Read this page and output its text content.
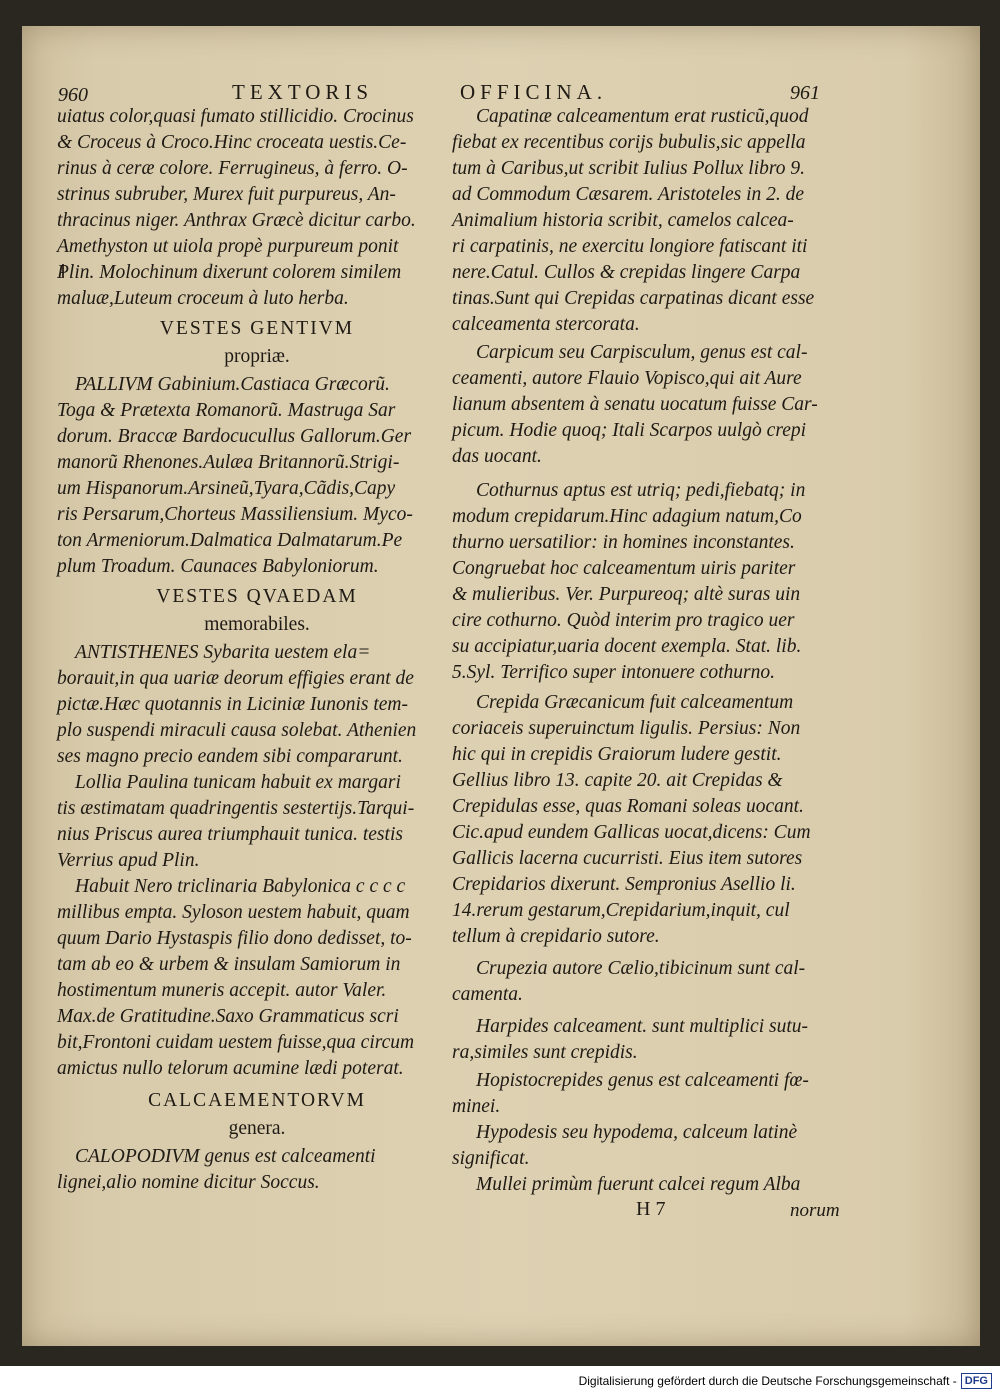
960	TEXTORIS	OFFICINA.	961
uiatus color,quasi fumato stillicidio. Crocinus
& Croceus à Croco.Hinc croceata uestis.Ce-
rinus à ceræ colore. Ferrugineus, à ferro. O-
strinus subruber, Murex fuit purpureus, An-
thracinus niger. Anthrax Græcè dicitur carbo.
Amethyston ut uiola propè purpureum ponit
Plin. Molochinum dixerunt colorem similem
maluæ,Luteum croceum à luto herba.
VESTES GENTIVM
propriæ.
PALLIVM Gabinium.Castiaca Græcorũ.
Toga & Prætexta Romanorũ. Mastruga Sar
dorum. Braccæ Bardocucullus Gallorum.Ger
manorũ Rhenones.Aulæa Britannorũ.Strigi-
um Hispanorum.Arsineũ,Tyara,Cãdis,Capy
ris Persarum,Chorteus Massiliensium. Myco-
ton Armeniorum.Dalmatica Dalmatarum.Pe
plum Troadum. Caunaces Babyloniorum.
VESTES QVAEDAM
memorabiles.
ANTISTHENES Sybarita uestem ela=
borauit,in qua uariæ deorum effigies erant de
pictæ.Hæc quotannis in Liciniæ Iunonis tem-
plo suspendi miraculi causa solebat. Athenien
ses magno precio eandem sibi compararunt.
Lollia Paulina tunicam habuit ex margari
tis æstimatam quadringentis sestertijs.Tarqui-
nius Priscus aurea triumphauit tunica. testis
Verrius apud Plin.
Habuit Nero triclinaria Babylonica c c c c
millibus empta. Syloson uestem habuit, quam
quum Dario Hystaspis filio dono dedisset, to-
tam ab eo & urbem & insulam Samiorum in
hostimentum muneris accepit. autor Valer.
Max.de Gratitudine.Saxo Grammaticus scri
bit,Frontoni cuidam uestem fuisse,qua circum
amictus nullo telorum acumine lædi poterat.
CALCAEMENTORVM
genera.
CALOPODIVM genus est calceamenti
lignei,alio nomine dicitur Soccus.
Capatinæ calceamentum erat rusticũ,quod
fiebat ex recentibus corijs bubulis,sic appella
tum à Caribus,ut scribit Iulius Pollux libro 9.
ad Commodum Cæsarem. Aristoteles in 2. de
Animalium historia scribit, camelos calcea-
ri carpatinis, ne exercitu longiore fatiscant iti
nere.Catul. Cullos & crepidas lingere Carpa
tinas.Sunt qui Crepidas carpatinas dicant esse
calceamenta stercorata.
Carpicum seu Carpisculum, genus est cal-
ceamenti, autore Flauio Vopisco,qui ait Aure
lianum absentem à senatu uocatum fuisse Car-
picum. Hodie quoq; Itali Scarpos uulgò crepi
das uocant.
Cothurnus aptus est utriq; pedi,fiebatq; in
modum crepidarum.Hinc adagium natum,Co
thurno uersatilior: in homines inconstantes.
Congruebat hoc calceamentum uiris pariter
& mulieribus. Ver. Purpureoq; altè suras uin
cire cothurno. Quòd interim pro tragico uer
su accipiatur,uaria docent exempla. Stat. lib.
5.Syl. Terrifico super intonuere cothurno.
Crepida Græcanicum fuit calceamentum
coriaceis superuinctum ligulis. Persius: Non
hic qui in crepidis Graiorum ludere gestit.
Gellius libro 13. capite 20. ait Crepidas &
Crepidulas esse, quas Romani soleas uocant.
Cic.apud eundem Gallicas uocat,dicens: Cum
Gallicis lacerna cucurristi. Eius item sutores
Crepidarios dixerunt. Sempronius Asellio li.
14.rerum gestarum,Crepidarium,inquit, cul
tellum à crepidario sutore.
Crupezia autore Cælio,tibicinum sunt cal-
camenta.
Harpides calceament. sunt multiplici sutu-
ra,similes sunt crepidis.
Hopistocrepides genus est calceamenti fœ-
minei.
Hypodesis seu hypodema, calceum latinè
significat.
Mullei primùm fuerunt calcei regum Alba
H 7	norum
Digitalisierung gefördert durch die Deutsche Forschungsgemeinschaft - DFG
